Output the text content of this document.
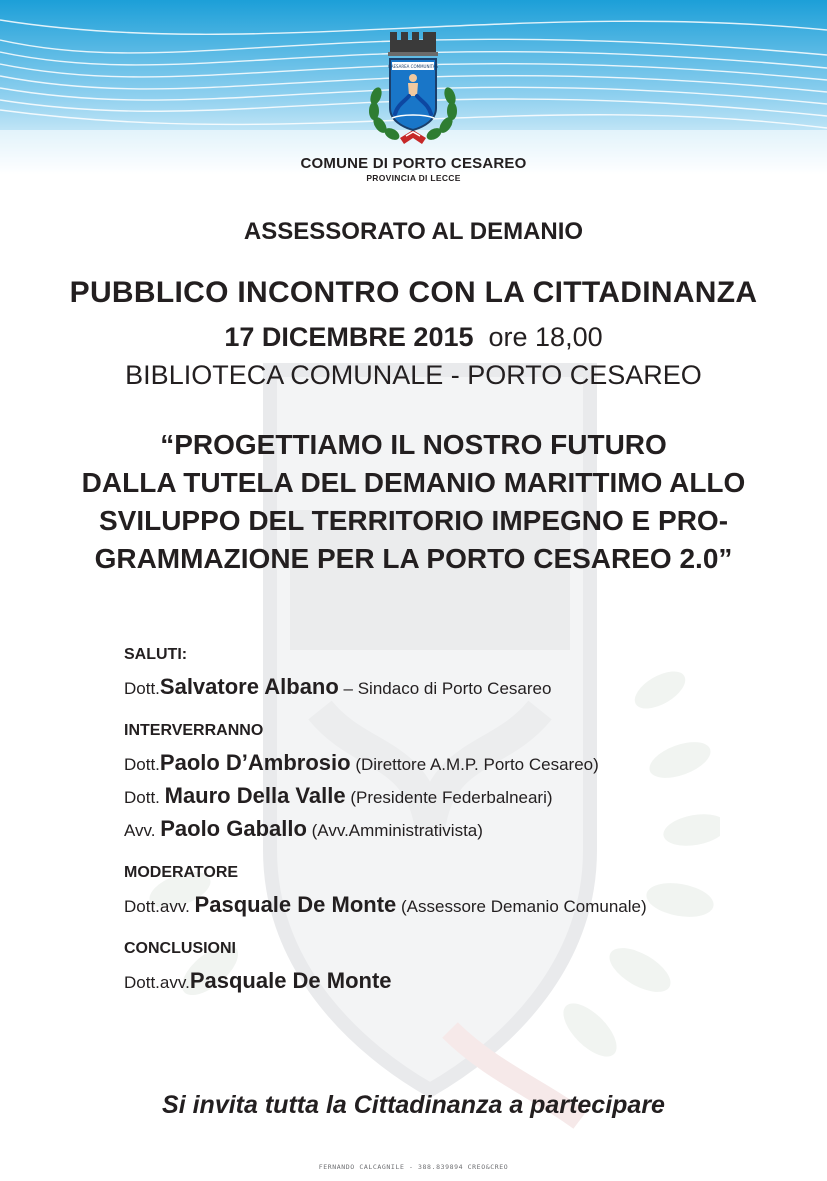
CAESAREA COMMUNITAS
COMUNE DI PORTO CESAREO
PROVINCIA DI LECCE
ASSESSORATO AL DEMANIO
PUBBLICO INCONTRO CON LA CITTADINANZA
17 DICEMBRE 2015 ore 18,00
BIBLIOTECA COMUNALE - PORTO CESAREO
“PROGETTIAMO IL NOSTRO FUTURO
DALLA TUTELA DEL DEMANIO MARITTIMO ALLO
SVILUPPO DEL TERRITORIO IMPEGNO E PRO-
GRAMMAZIONE PER LA PORTO CESAREO 2.0”
SALUTI:
Dott.Salvatore Albano – Sindaco di Porto Cesareo
INTERVERRANNO
Dott.Paolo D’Ambrosio (Direttore A.M.P. Porto Cesareo)
Dott. Mauro Della Valle (Presidente Federbalneari)
Avv. Paolo Gaballo (Avv.Amministrativista)
MODERATORE
Dott.avv. Pasquale De Monte (Assessore Demanio Comunale)
CONCLUSIONI
Dott.avv.Pasquale De Monte
Si invita tutta la Cittadinanza a partecipare
FERNANDO CALCAGNILE - 388.839894 CREO&CREO
